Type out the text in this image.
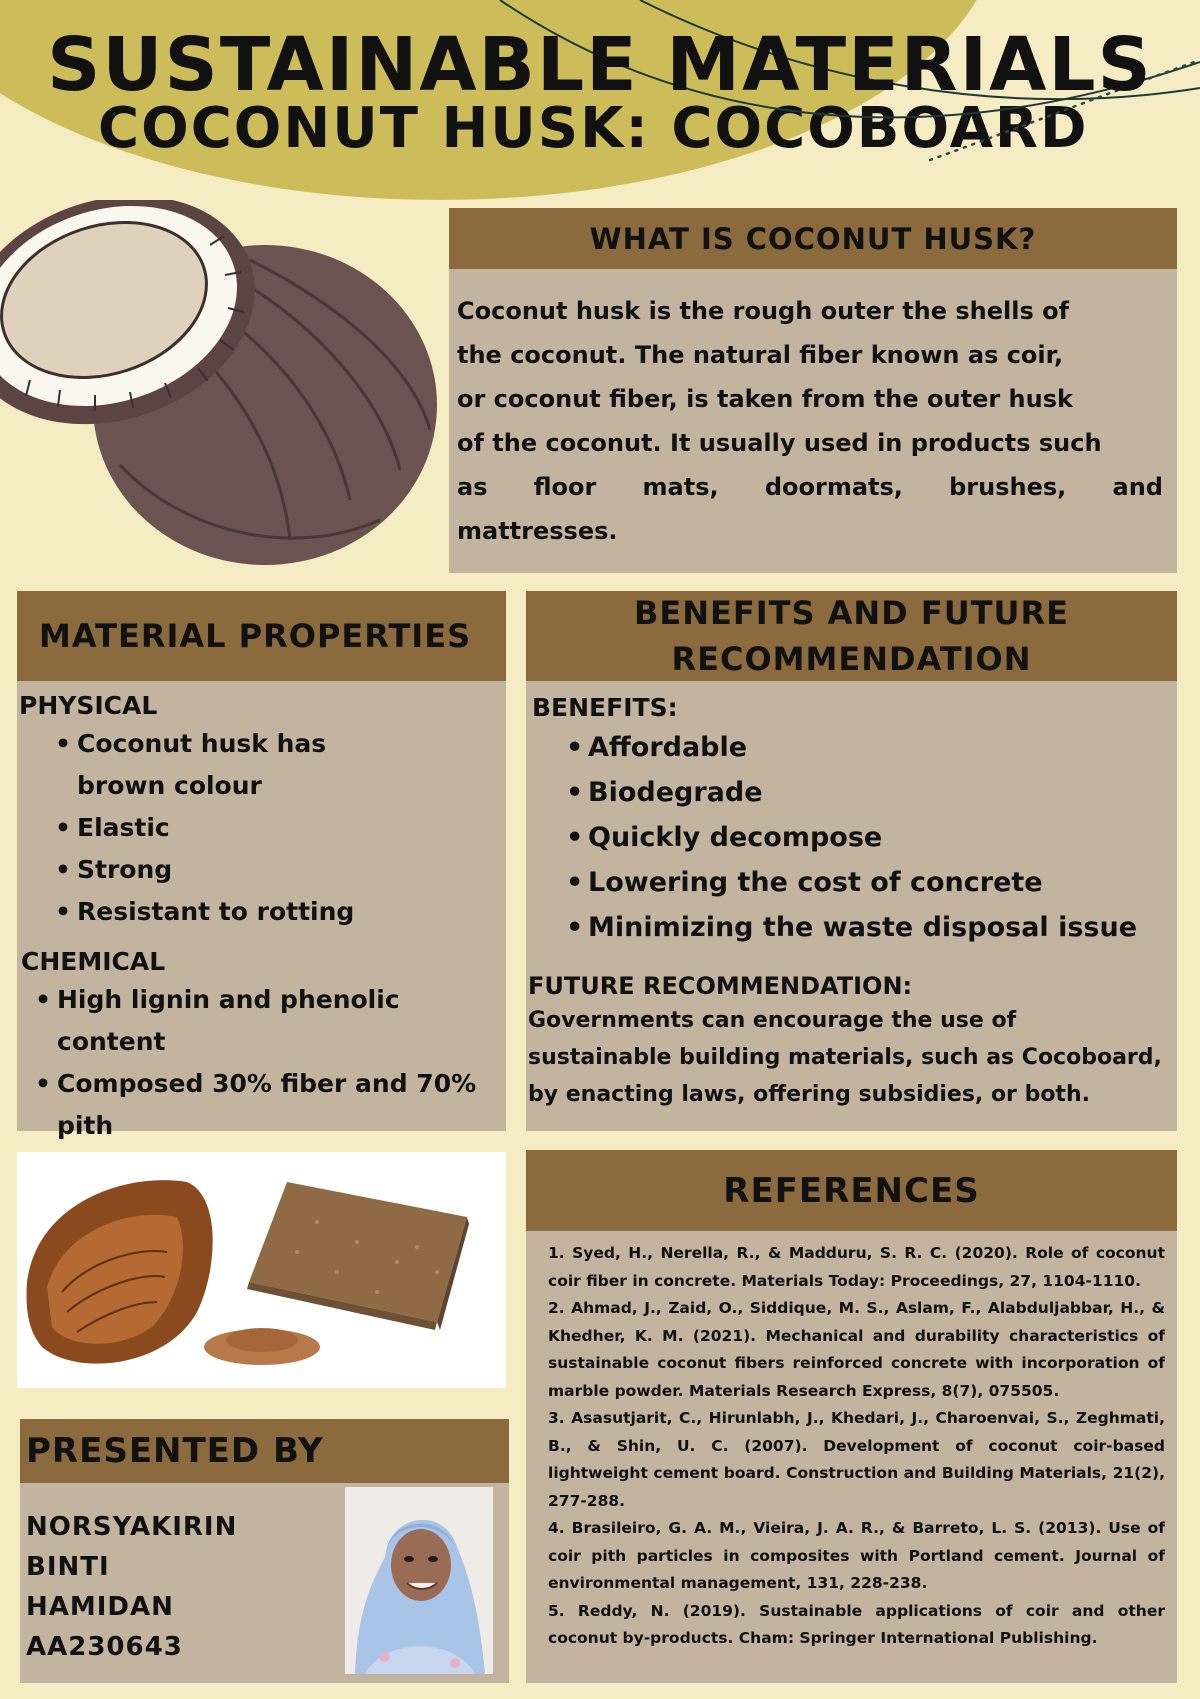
SUSTAINABLE MATERIALS
COCONUT HUSK: COCOBOARD
WHAT IS COCONUT HUSK?
Coconut husk is the rough outer the shells of
the coconut. The natural fiber known as coir,
or coconut fiber, is taken from the outer husk
of the coconut. It usually used in products such
as floor mats, doormats, brushes, and
mattresses.
MATERIAL PROPERTIES
PHYSICAL
• Coconut husk has brown colour
• Elastic
• Strong
• Resistant to rotting
CHEMICAL
• High lignin and phenolic content
• Composed 30% fiber and 70% pith
BENEFITS AND FUTURE
RECOMMENDATION
BENEFITS:
• Affordable
• Biodegrade
• Quickly decompose
• Lowering the cost of concrete
• Minimizing the waste disposal issue
FUTURE RECOMMENDATION:
Governments can encourage the use of sustainable building materials, such as Cocoboard, by enacting laws, offering subsidies, or both.
REFERENCES
1. Syed, H., Nerella, R., & Madduru, S. R. C. (2020). Role of coconut coir fiber in concrete. Materials Today: Proceedings, 27, 1104-1110.
2. Ahmad, J., Zaid, O., Siddique, M. S., Aslam, F., Alabduljabbar, H., & Khedher, K. M. (2021). Mechanical and durability characteristics of sustainable coconut fibers reinforced concrete with incorporation of marble powder. Materials Research Express, 8(7), 075505.
3. Asasutjarit, C., Hirunlabh, J., Khedari, J., Charoenvai, S., Zeghmati, B., & Shin, U. C. (2007). Development of coconut coir-based lightweight cement board. Construction and Building Materials, 21(2), 277-288.
4. Brasileiro, G. A. M., Vieira, J. A. R., & Barreto, L. S. (2013). Use of coir pith particles in composites with Portland cement. Journal of environmental management, 131, 228-238.
5. Reddy, N. (2019). Sustainable applications of coir and other coconut by-products. Cham: Springer International Publishing.
PRESENTED BY
NORSYAKIRIN
BINTI
HAMIDAN
AA230643
